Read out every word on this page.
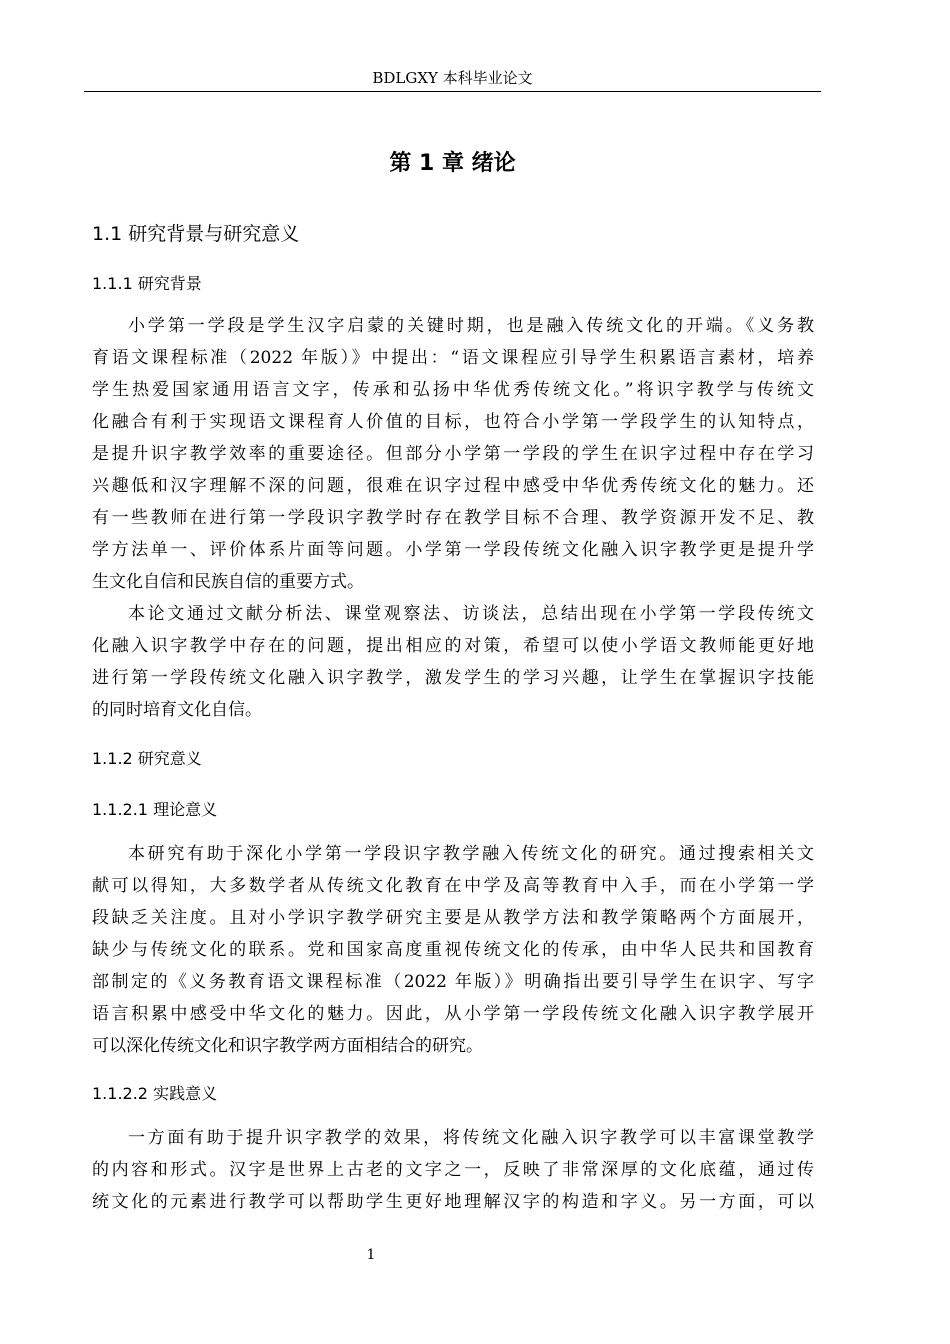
BDLGXY 本科毕业论文
第 1 章 绪论
1.1 研究背景与研究意义
1.1.1 研究背景
小学第一学段是学生汉字启蒙的关键时期，也是融入传统文化的开端。《义务教
育语文课程标准（2022 年版）》中提出：“语文课程应引导学生积累语言素材，培养
学生热爱国家通用语言文字，传承和弘扬中华优秀传统文化。”将识字教学与传统文
化融合有利于实现语文课程育人价值的目标，也符合小学第一学段学生的认知特点，
是提升识字教学效率的重要途径。但部分小学第一学段的学生在识字过程中存在学习
兴趣低和汉字理解不深的问题，很难在识字过程中感受中华优秀传统文化的魅力。还
有一些教师在进行第一学段识字教学时存在教学目标不合理、教学资源开发不足、教
学方法单一、评价体系片面等问题。小学第一学段传统文化融入识字教学更是提升学
生文化自信和民族自信的重要方式。
本论文通过文献分析法、课堂观察法、访谈法，总结出现在小学第一学段传统文
化融入识字教学中存在的问题，提出相应的对策，希望可以使小学语文教师能更好地
进行第一学段传统文化融入识字教学，激发学生的学习兴趣，让学生在掌握识字技能
的同时培育文化自信。
1.1.2 研究意义
1.1.2.1 理论意义
本研究有助于深化小学第一学段识字教学融入传统文化的研究。通过搜索相关文
献可以得知，大多数学者从传统文化教育在中学及高等教育中入手，而在小学第一学
段缺乏关注度。且对小学识字教学研究主要是从教学方法和教学策略两个方面展开，
缺少与传统文化的联系。党和国家高度重视传统文化的传承，由中华人民共和国教育
部制定的《义务教育语文课程标准（2022 年版）》明确指出要引导学生在识字、写字
语言积累中感受中华文化的魅力。因此，从小学第一学段传统文化融入识字教学展开
可以深化传统文化和识字教学两方面相结合的研究。
1.1.2.2 实践意义
一方面有助于提升识字教学的效果，将传统文化融入识字教学可以丰富课堂教学
的内容和形式。汉字是世界上古老的文字之一，反映了非常深厚的文化底蕴，通过传
统文化的元素进行教学可以帮助学生更好地理解汉字的构造和字义。另一方面，可以
1
